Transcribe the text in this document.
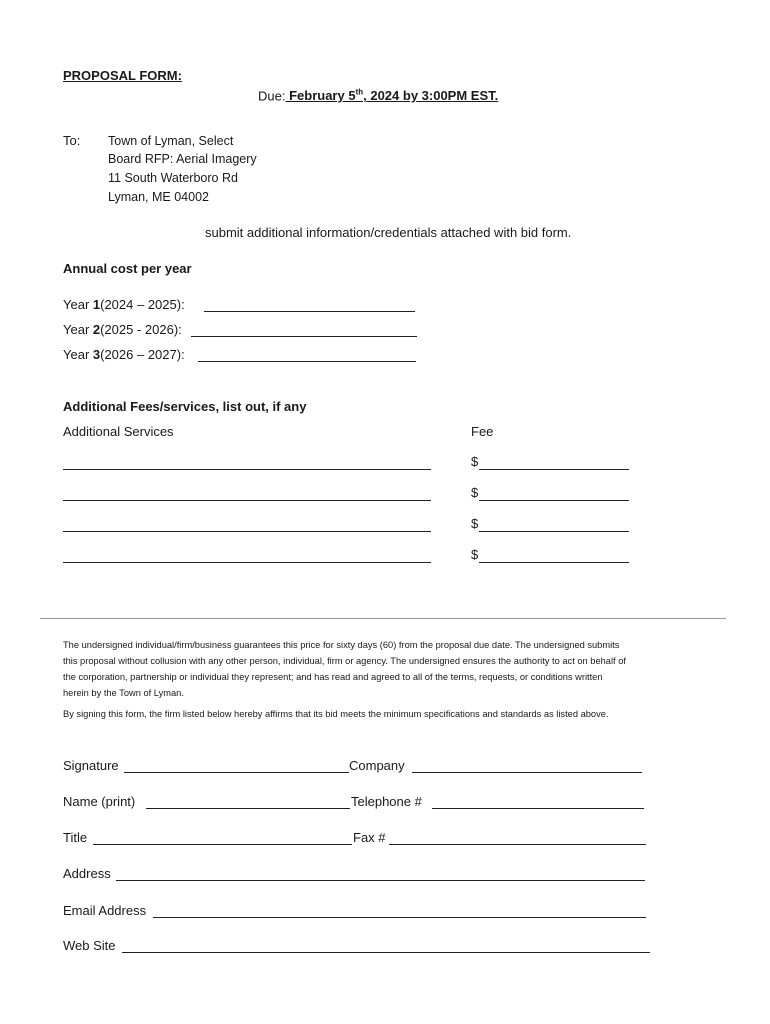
PROPOSAL FORM:
Due: February 5th, 2024 by 3:00PM EST.
To: Town of Lyman, Select
Board RFP: Aerial Imagery
11 South Waterboro Rd
Lyman, ME 04002
submit additional information/credentials attached with bid form.
Annual cost per year
Year 1(2024 – 2025):
Year 2(2025 - 2026):
Year 3(2026 – 2027):
Additional Fees/services, list out, if any
Additional Services	Fee
$
$
$
$
The undersigned individual/firm/business guarantees this price for sixty days (60) from the proposal due date. The undersigned submits
this proposal without collusion with any other person, individual, firm or agency. The undersigned ensures the authority to act on behalf of
the corporation, partnership or individual they represent; and has read and agreed to all of the terms, requests, or conditions written
herein by the Town of Lyman.
By signing this form, the firm listed below hereby affirms that its bid meets the minimum specifications and standards as listed above.
Signature	Company
Name (print)	Telephone #
Title	Fax #
Address
Email Address
Web Site
